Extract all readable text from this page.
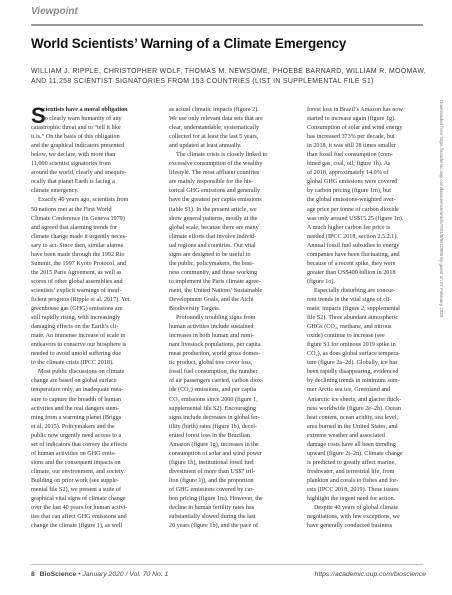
Viewpoint
World Scientists’ Warning of a Climate Emergency
WILLIAM J. RIPPLE, CHRISTOPHER WOLF, THOMAS M. NEWSOME, PHOEBE BARNARD, WILLIAM R. MOOMAW,
AND 11,258 SCIENTIST SIGNATORIES FROM 153 COUNTRIES (LIST IN SUPPLEMENTAL FILE S1)
S
cientists have a moral obligation
to clearly warn humanity of any
catastrophic threat and to “tell it like
it is.” On the basis of this obligation
and the graphical indicators presented
below, we declare, with more than
11,000 scientist signatories from
around the world, clearly and unequiv-
ocally that planet Earth is facing a
climate emergency.
Exactly 40 years ago, scientists from
50 nations met at the First World
Climate Conference (in Geneva 1979)
and agreed that alarming trends for
climate change made it urgently neces-
sary to act. Since then, similar alarms
have been made through the 1992 Rio
Summit, the 1997 Kyoto Protocol, and
the 2015 Paris Agreement, as well as
scores of other global assemblies and
scientists’ explicit warnings of insuf-
ficient progress (Ripple et al. 2017). Yet
greenhouse gas (GHG) emissions are
still rapidly rising, with increasingly
damaging effects on the Earth’s cli-
mate. An immense increase of scale in
endeavors to conserve our biosphere is
needed to avoid untold suffering due
to the climate crisis (IPCC 2018).
Most public discussions on climate
change are based on global surface
temperature only, an inadequate mea-
sure to capture the breadth of human
activities and the real dangers stem-
ming from a warming planet (Briggs
et al. 2015). Policymakers and the
public now urgently need access to a
set of indicators that convey the effects
of human activities on GHG emis-
sions and the consequent impacts on
climate, our environment, and society.
Building on prior work (see supple-
mental file S2), we present a suite of
graphical vital signs of climate change
over the last 40 years for human activi-
ties that can affect GHG emissions and
change the climate (figure 1), as well
as actual climatic impacts (figure 2).
We use only relevant data sets that are
clear, understandable, systematically
collected for at least the last 5 years,
and updated at least annually.
The climate crisis is closely linked to
excessive consumption of the wealthy
lifestyle. The most affluent countries
are mainly responsible for the his-
torical GHG emissions and generally
have the greatest per capita emissions
(table S1). In the present article, we
show general patterns, mostly at the
global scale, because there are many
climate efforts that involve individ-
ual regions and countries. Our vital
signs are designed to be useful to
the public, policymakers, the busi-
ness community, and those working
to implement the Paris climate agree-
ment, the United Nations’ Sustainable
Development Goals, and the Aichi
Biodiversity Targets.
Profoundly troubling signs from
human activities include sustained
increases in both human and rumi-
nant livestock populations, per capita
meat production, world gross domes-
tic product, global tree cover loss,
fossil fuel consumption, the number
of air passengers carried, carbon diox-
ide (CO₂) emissions, and per capita
CO₂ emissions since 2000 (figure 1,
supplemental file S2). Encouraging
signs include decreases in global fer-
tility (birth) rates (figure 1b), decel-
erated forest loss in the Brazilian
Amazon (figure 1g), increases in the
consumption of solar and wind power
(figure 1h), institutional fossil fuel
divestment of more than US$7 tril-
lion (figure 1j), and the proportion
of GHG emissions covered by car-
bon pricing (figure 1m). However, the
decline in human fertility rates has
substantially slowed during the last
20 years (figure 1b), and the pace of
forest loss in Brazil’s Amazon has now
started to increase again (figure 1g).
Consumption of solar and wind energy
has increased 373% per decade, but
in 2018, it was still 28 times smaller
than fossil fuel consumption (com-
bined gas, coal, oil; figure 1h). As
of 2018, approximately 14.0% of
global GHG emissions were covered
by carbon pricing (figure 1m), but
the global emissions-weighted aver-
age price per tonne of carbon dioxide
was only around US$15.25 (figure 1n).
A much higher carbon fee price is
needed (IPCC 2018, section 2.5.2.1).
Annual fossil fuel subsidies to energy
companies have been fluctuating, and
because of a recent spike, they were
greater than US$400 billion in 2018
(figure 1o).
Especially disturbing are concur-
rent trends in the vital signs of cli-
matic impacts (figure 2, supplemental
file S2). Three abundant atmospheric
GHGs (CO₂, methane, and nitrous
oxide) continue to increase (see
figure S1 for ominous 2019 spike in
CO₂), as does global surface tempera-
ture (figure 2a–2d). Globally, ice has
been rapidly disappearing, evidenced
by declining trends in minimum sum-
mer Arctic sea ice, Greenland and
Antarctic ice sheets, and glacier thick-
ness worldwide (figure 2e–2h). Ocean
heat content, ocean acidity, sea level,
area burned in the United States, and
extreme weather and associated
damage costs have all been trending
upward (figure 2i–2n). Climate change
is predicted to greatly affect marine,
freshwater, and terrestrial life, from
plankton and corals to fishes and for-
ests (IPCC 2018, 2019). These issues
highlight the urgent need for action.
Despite 40 years of global climate
negotiations, with few exceptions, we
have generally conducted business
Downloaded from https://academic.oup.com/bioscience/article/70/1/8/5610806 by guest on 07 February 2020
8 BioScience • January 2020 / Vol. 70 No. 1	https://academic.oup.com/bioscience
